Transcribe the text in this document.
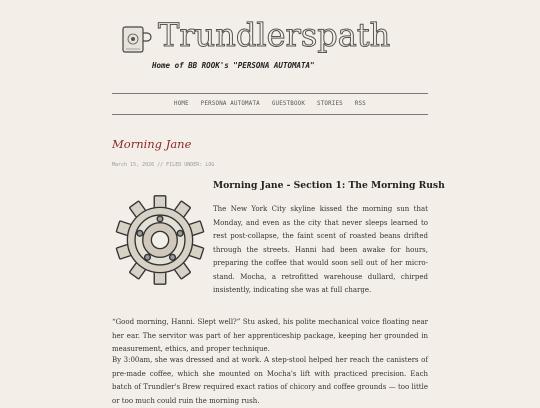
Trundlerspath
Home of BB ROOK's "PERSONA AUTOMATA"
HOME PERSONA AUTOMATA GUESTBOOK STORIES RSS
Morning Jane
March 15, 2026 // FILED UNDER: LOG
Morning Jane - Section 1: The Morning Rush

The New York City skyline kissed the morning sun that Monday, and even as the city that never sleeps learned to rest post-collapse, the faint scent of roasted beans drifted through the streets. Hanni had been awake for hours, preparing the coffee that would soon sell out of her micro-stand. Mocha, a retrofitted warehouse dullard, chirped insistently, indicating she was at full charge.

“Good morning, Hanni. Slept well?” Stu asked, his polite mechanical voice floating near her ear. The servitor was part of her apprenticeship package, keeping her grounded in measurement, ethics, and proper technique.

By 3:00am, she was dressed and at work. A step-stool helped her reach the canisters of pre-made coffee, which she mounted on Mocha's lift with practiced precision. Each batch of Trundler's Brew required exact ratios of chicory and coffee grounds — too little or too much could ruin the morning rush.
